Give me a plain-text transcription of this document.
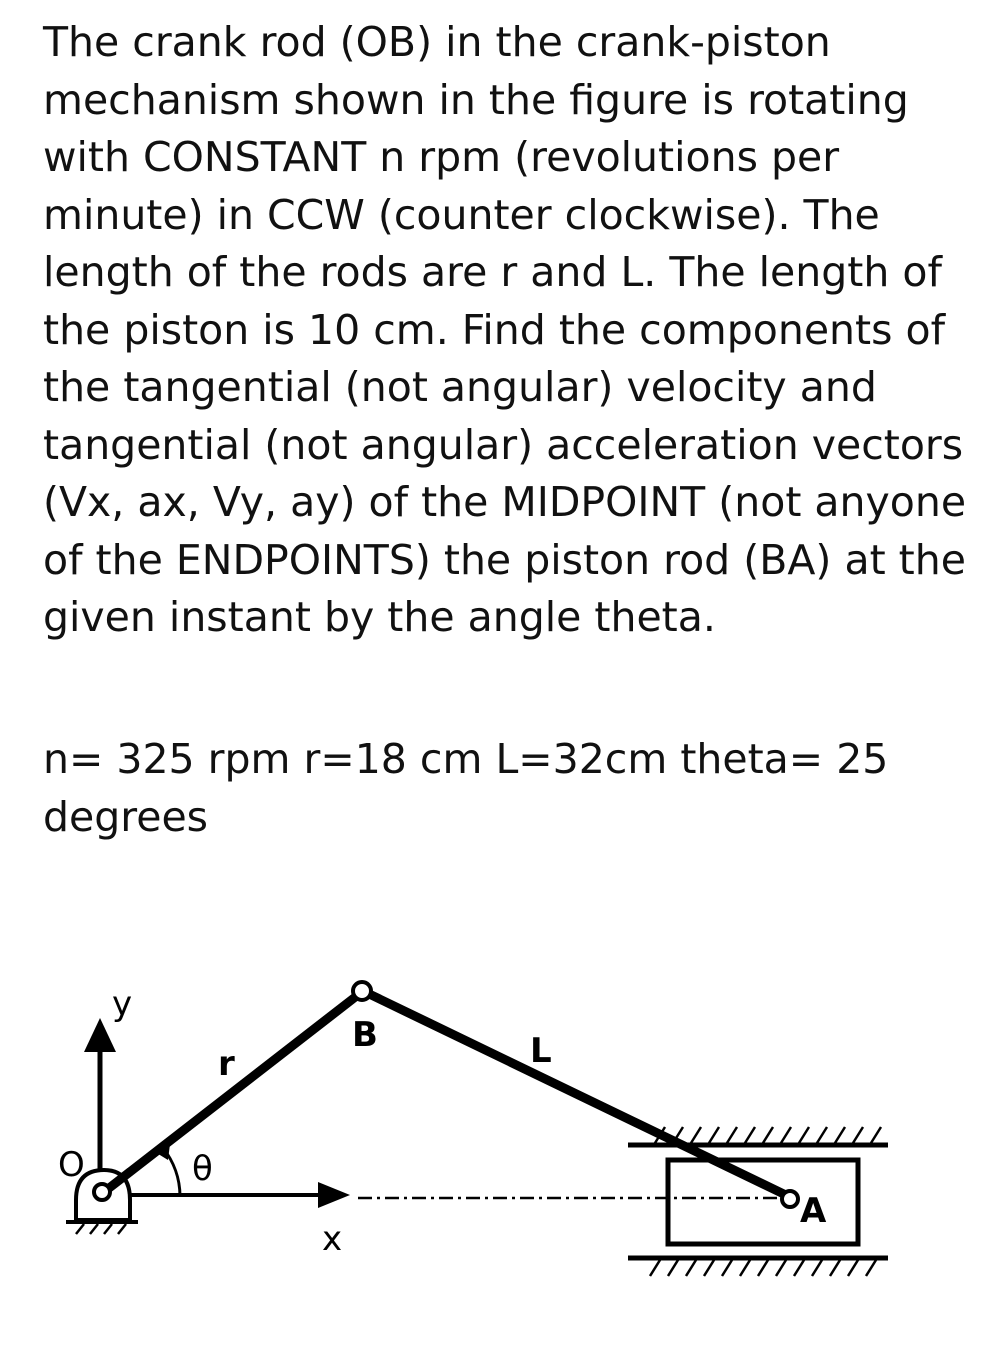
The crank rod (OB) in the crank-piston mechanism shown in the figure is rotating with CONSTANT n rpm (revolutions per minute) in CCW (counter clockwise). The length of the rods are r and L. The length of the piston is 10 cm. Find the components of the tangential (not angular) velocity and tangential (not angular) acceleration vectors (Vx, ax, Vy, ay) of the MIDPOINT (not anyone of the ENDPOINTS) the piston rod (BA) at the given instant by the angle theta.

n= 325 rpm r=18 cm L=32cm theta= 25 degrees

y
x
O
r
θ
B	L
A
